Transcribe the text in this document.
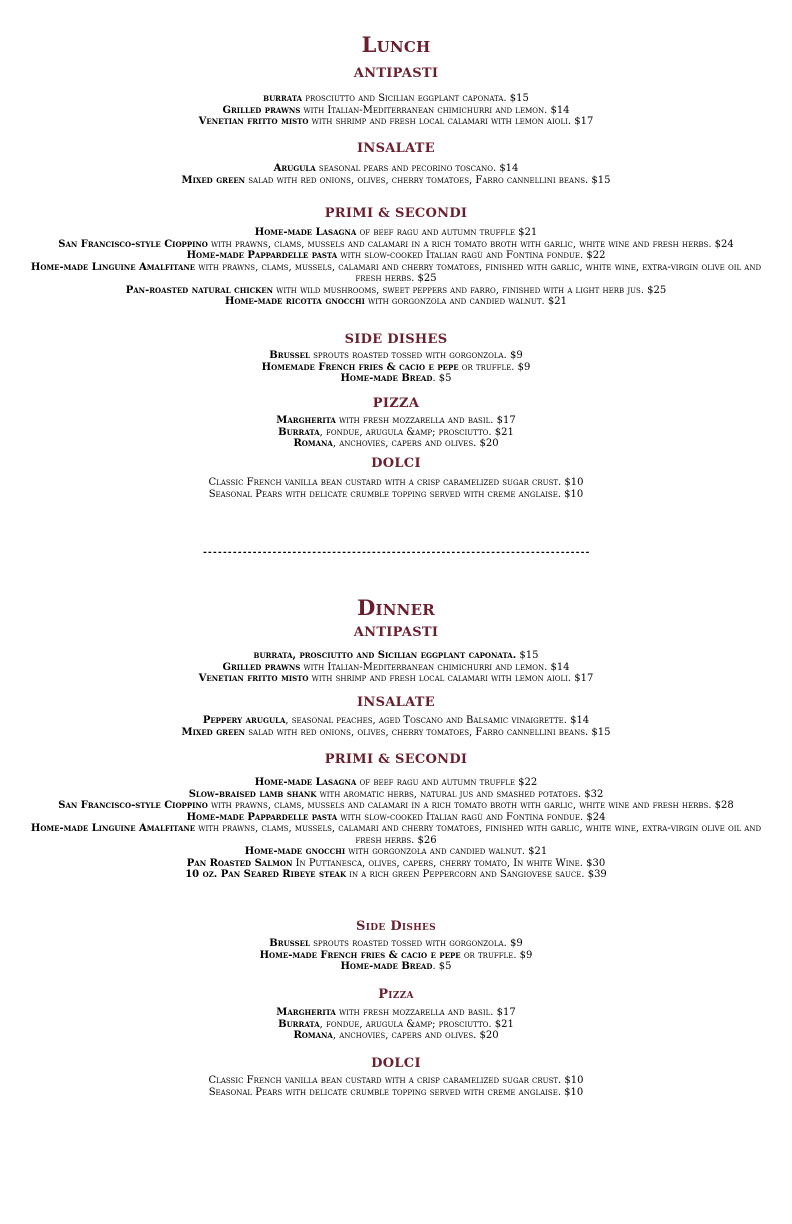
Lunch
ANTIPASTI
burrata prosciutto and Sicilian eggplant caponata. $15
Grilled prawns with Italian-Mediterranean chimichurri and lemon. $14
Venetian fritto misto with shrimp and fresh local calamari with lemon aioli. $17
INSALATE
Arugula seasonal pears and pecorino toscano. $14
Mixed green salad with red onions, olives, cherry tomatoes, Farro cannellini beans. $15
PRIMI & SECONDI
Home-made Lasagna of beef ragu and autumn truffle $21
San Francisco-style Cioppino with prawns, clams, mussels and calamari in a rich tomato broth with garlic, white wine and fresh herbs. $24
Home-made Pappardelle pasta with slow-cooked Italian ragù and Fontina fondue. $22
Home-made Linguine Amalfitane with prawns, clams, mussels, calamari and cherry tomatoes, finished with garlic, white wine, extra-virgin olive oil and fresh herbs. $25
Pan-roasted natural chicken with wild mushrooms, sweet peppers and farro, finished with a light herb jus. $25
Home-made ricotta gnocchi with gorgonzola and candied walnut. $21
SIDE DISHES
Brussel sprouts roasted tossed with gorgonzola. $9
Homemade French fries & cacio e pepe or truffle. $9
Home-made Bread. $5
PIZZA
Margherita with fresh mozzarella and basil. $17
Burrata, fondue, arugula &amp; prosciutto. $21
Romana, anchovies, capers and olives. $20
DOLCI
Classic French vanilla bean custard with a crisp caramelized sugar crust. $10
Seasonal Pears with delicate crumble topping served with creme anglaise. $10
------------------------------------------------------------------------------
Dinner
ANTIPASTI
burrata, prosciutto and Sicilian eggplant caponata. $15
Grilled prawns with Italian-Mediterranean chimichurri and lemon. $14
Venetian fritto misto with shrimp and fresh local calamari with lemon aioli. $17
INSALATE
Peppery arugula, seasonal peaches, aged Toscano and Balsamic vinaigrette. $14
Mixed green salad with red onions, olives, cherry tomatoes, Farro cannellini beans. $15
PRIMI & SECONDI
Home-made Lasagna of beef ragu and autumn truffle $22
Slow-braised lamb shank with aromatic herbs, natural jus and smashed potatoes. $32
San Francisco-style Cioppino with prawns, clams, mussels and calamari in a rich tomato broth with garlic, white wine and fresh herbs. $28
Home-made Pappardelle pasta with slow-cooked Italian ragù and Fontina fondue. $24
Home-made Linguine Amalfitane with prawns, clams, mussels, calamari and cherry tomatoes, finished with garlic, white wine, extra-virgin olive oil and fresh herbs. $26
Home-made gnocchi with gorgonzola and candied walnut. $21
Pan Roasted Salmon In Puttanesca, olives, capers, cherry tomato, In white Wine. $30
10 oz. Pan Seared Ribeye steak in a rich green Peppercorn and Sangiovese sauce. $39
Side Dishes
Brussel sprouts roasted tossed with gorgonzola. $9
Home-made French fries & cacio e pepe or truffle. $9
Home-made Bread. $5
Pizza
Margherita with fresh mozzarella and basil. $17
Burrata, fondue, arugula &amp; prosciutto. $21
Romana, anchovies, capers and olives. $20
DOLCI
Classic French vanilla bean custard with a crisp caramelized sugar crust. $10
Seasonal Pears with delicate crumble topping served with creme anglaise. $10
